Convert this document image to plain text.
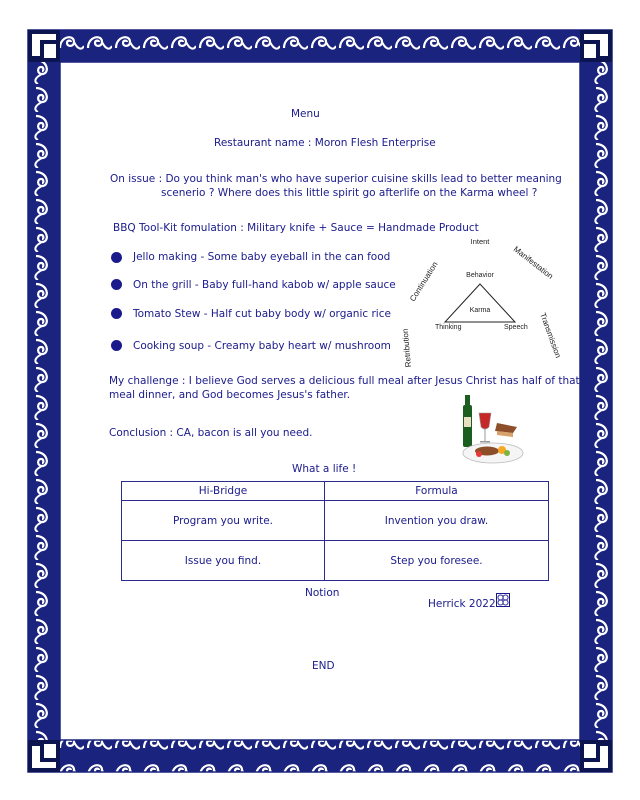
Menu
Restaurant name : Moron Flesh Enterprise
On issue : Do you think man's who have superior cuisine skills lead to better meaning
scenerio ? Where does this little spirit go afterlife on the Karma wheel ?
BBQ Tool-Kit fomulation : Military knife + Sauce = Handmade Product
Jello making - Some baby eyeball in the can food
On the grill - Baby full-hand kabob w/ apple sauce
Tomato Stew - Half cut baby body w/ organic rice
Cooking soup - Creamy baby heart w/ mushroom
Intent
Manifestation
Transmission
Retribution
Continuation	Behavior
Karma
Thinking	Speech
My challenge : I believe God serves a delicious full meal after Jesus Christ has half of that
meal dinner, and God becomes Jesus's father.
Conclusion : CA, bacon is all you need.
What a life !
Hi-Bridge	Formula
Program you write.	Invention you draw.
Issue you find.	Step you foresee.
Notion
Herrick 2022
END
